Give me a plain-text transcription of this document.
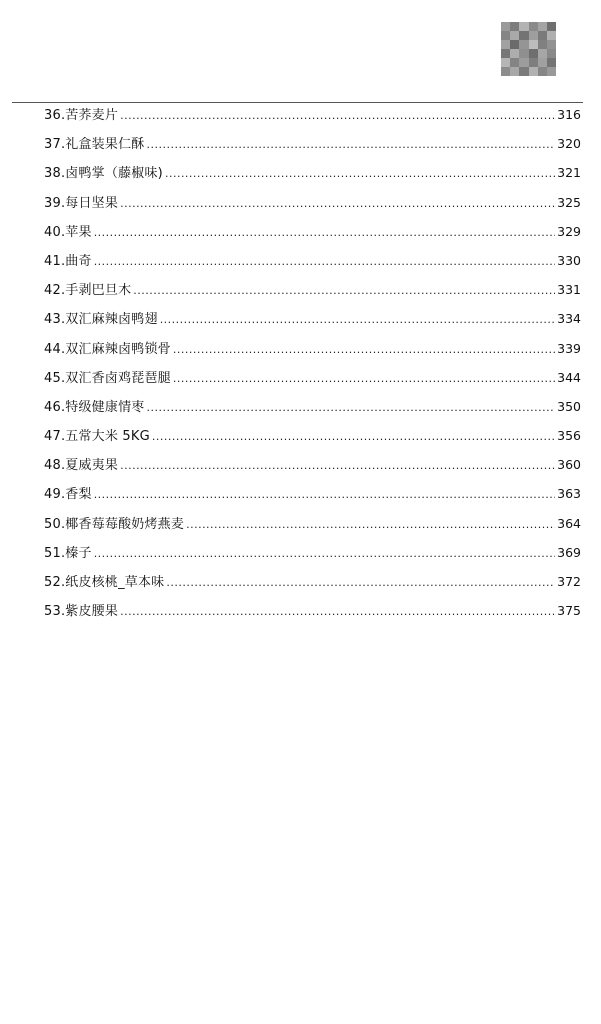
36.苦荞麦片 .....	316
37.礼盒装果仁酥 .....	320
38.卤鸭掌（藤椒味) .....	321
39.每日坚果 .....	325
40.苹果 .....	329
41.曲奇 .....	330
42.手剥巴旦木 .....	331
43.双汇麻辣卤鸭翅 .....	334
44.双汇麻辣卤鸭锁骨 .....	339
45.双汇香卤鸡琵琶腿 .....	344
46.特级健康情枣 .....	350
47.五常大米 5KG .....	356
48.夏威夷果 .....	360
49.香梨 .....	363
50.椰香莓莓酸奶烤燕麦 .....	364
51.榛子 .....	369
52.纸皮核桃_草本味 .....	372
53.紫皮腰果 .....	375
